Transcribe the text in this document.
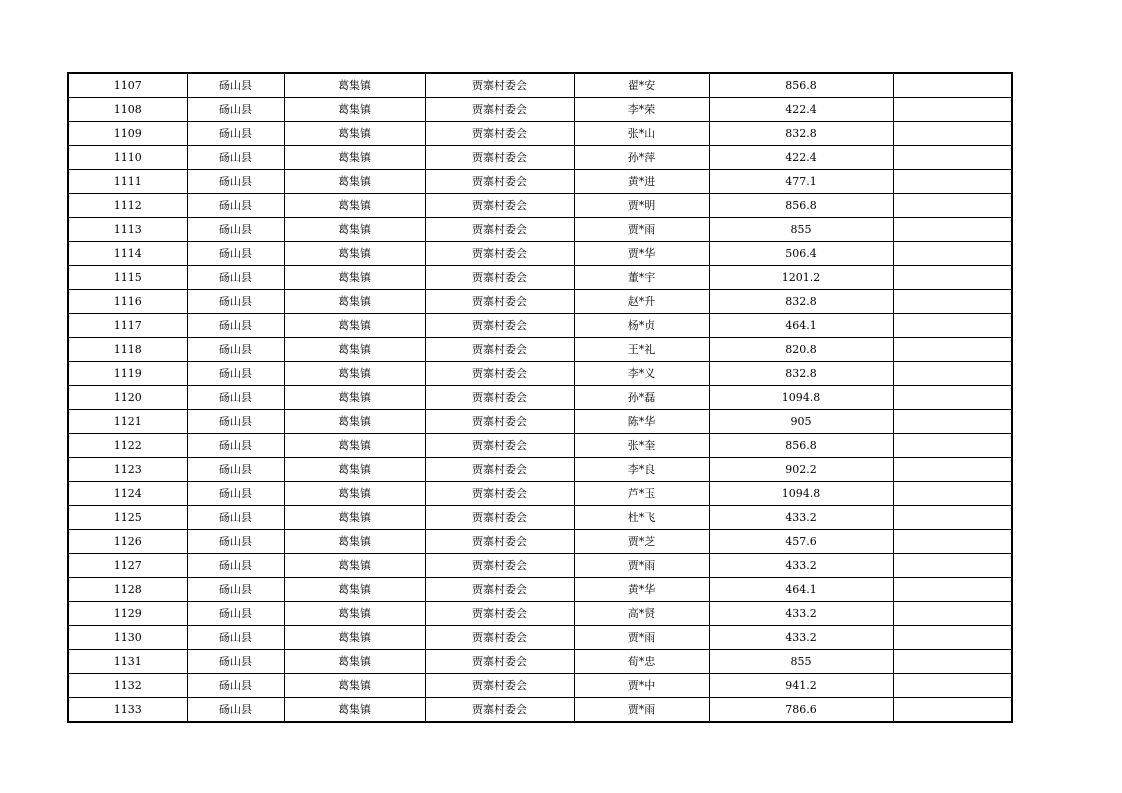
1107	砀山县	葛集镇	贾寨村委会	翟*安	856.8	
1108	砀山县	葛集镇	贾寨村委会	李*荣	422.4	
1109	砀山县	葛集镇	贾寨村委会	张*山	832.8	
1110	砀山县	葛集镇	贾寨村委会	孙*萍	422.4	
1111	砀山县	葛集镇	贾寨村委会	黄*进	477.1	
1112	砀山县	葛集镇	贾寨村委会	贾*明	856.8	
1113	砀山县	葛集镇	贾寨村委会	贾*雨	855	
1114	砀山县	葛集镇	贾寨村委会	贾*华	506.4	
1115	砀山县	葛集镇	贾寨村委会	董*宇	1201.2	
1116	砀山县	葛集镇	贾寨村委会	赵*升	832.8	
1117	砀山县	葛集镇	贾寨村委会	杨*贞	464.1	
1118	砀山县	葛集镇	贾寨村委会	王*礼	820.8	
1119	砀山县	葛集镇	贾寨村委会	李*义	832.8	
1120	砀山县	葛集镇	贾寨村委会	孙*磊	1094.8	
1121	砀山县	葛集镇	贾寨村委会	陈*华	905	
1122	砀山县	葛集镇	贾寨村委会	张*奎	856.8	
1123	砀山县	葛集镇	贾寨村委会	李*良	902.2	
1124	砀山县	葛集镇	贾寨村委会	芦*玉	1094.8	
1125	砀山县	葛集镇	贾寨村委会	杜*飞	433.2	
1126	砀山县	葛集镇	贾寨村委会	贾*芝	457.6	
1127	砀山县	葛集镇	贾寨村委会	贾*雨	433.2	
1128	砀山县	葛集镇	贾寨村委会	黄*华	464.1	
1129	砀山县	葛集镇	贾寨村委会	高*贤	433.2	
1130	砀山县	葛集镇	贾寨村委会	贾*雨	433.2	
1131	砀山县	葛集镇	贾寨村委会	荀*忠	855	
1132	砀山县	葛集镇	贾寨村委会	贾*中	941.2	
1133	砀山县	葛集镇	贾寨村委会	贾*雨	786.6	
